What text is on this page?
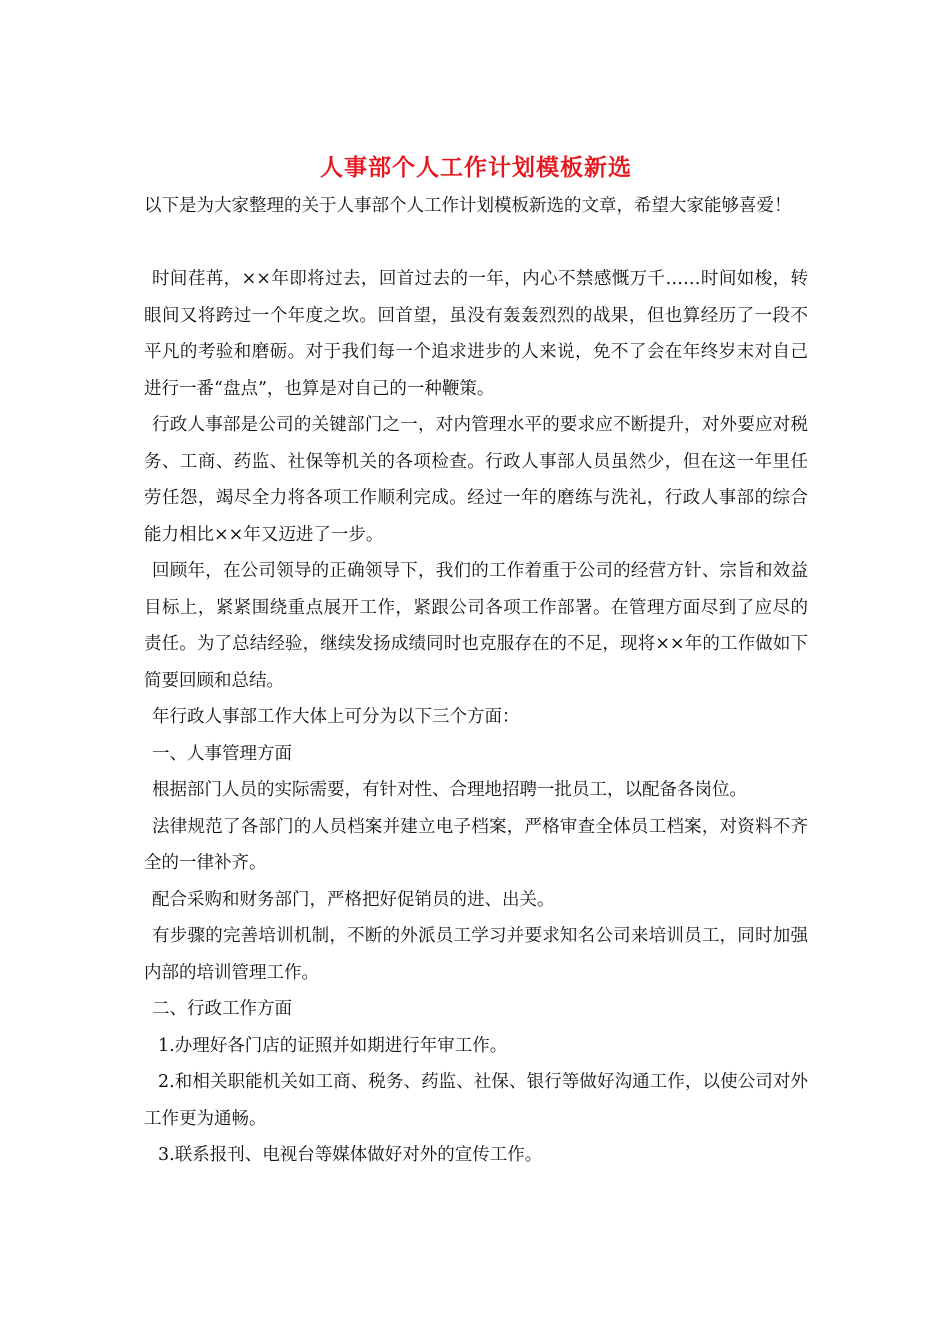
人事部个人工作计划模板新选

以下是为大家整理的关于人事部个人工作计划模板新选的文章，希望大家能够喜爱！

时间荏苒，××年即将过去，回首过去的一年，内心不禁感慨万千……时间如梭，转眼间又将跨过一个年度之坎。回首望，虽没有轰轰烈烈的战果，但也算经历了一段不平凡的考验和磨砺。对于我们每一个追求进步的人来说，免不了会在年终岁末对自己进行一番“盘点”，也算是对自己的一种鞭策。

行政人事部是公司的关键部门之一，对内管理水平的要求应不断提升，对外要应对税务、工商、药监、社保等机关的各项检查。行政人事部人员虽然少，但在这一年里任劳任怨，竭尽全力将各项工作顺利完成。经过一年的磨练与洗礼，行政人事部的综合能力相比××年又迈进了一步。

回顾年，在公司领导的正确领导下，我们的工作着重于公司的经营方针、宗旨和效益目标上，紧紧围绕重点展开工作，紧跟公司各项工作部署。在管理方面尽到了应尽的责任。为了总结经验，继续发扬成绩同时也克服存在的不足，现将××年的工作做如下简要回顾和总结。

年行政人事部工作大体上可分为以下三个方面：

一、人事管理方面

根据部门人员的实际需要，有针对性、合理地招聘一批员工，以配备各岗位。

法律规范了各部门的人员档案并建立电子档案，严格审查全体员工档案，对资料不齐全的一律补齐。

配合采购和财务部门，严格把好促销员的进、出关。

有步骤的完善培训机制，不断的外派员工学习并要求知名公司来培训员工，同时加强内部的培训管理工作。

二、行政工作方面

1.办理好各门店的证照并如期进行年审工作。

2.和相关职能机关如工商、税务、药监、社保、银行等做好沟通工作，以使公司对外工作更为通畅。

3.联系报刊、电视台等媒体做好对外的宣传工作。
